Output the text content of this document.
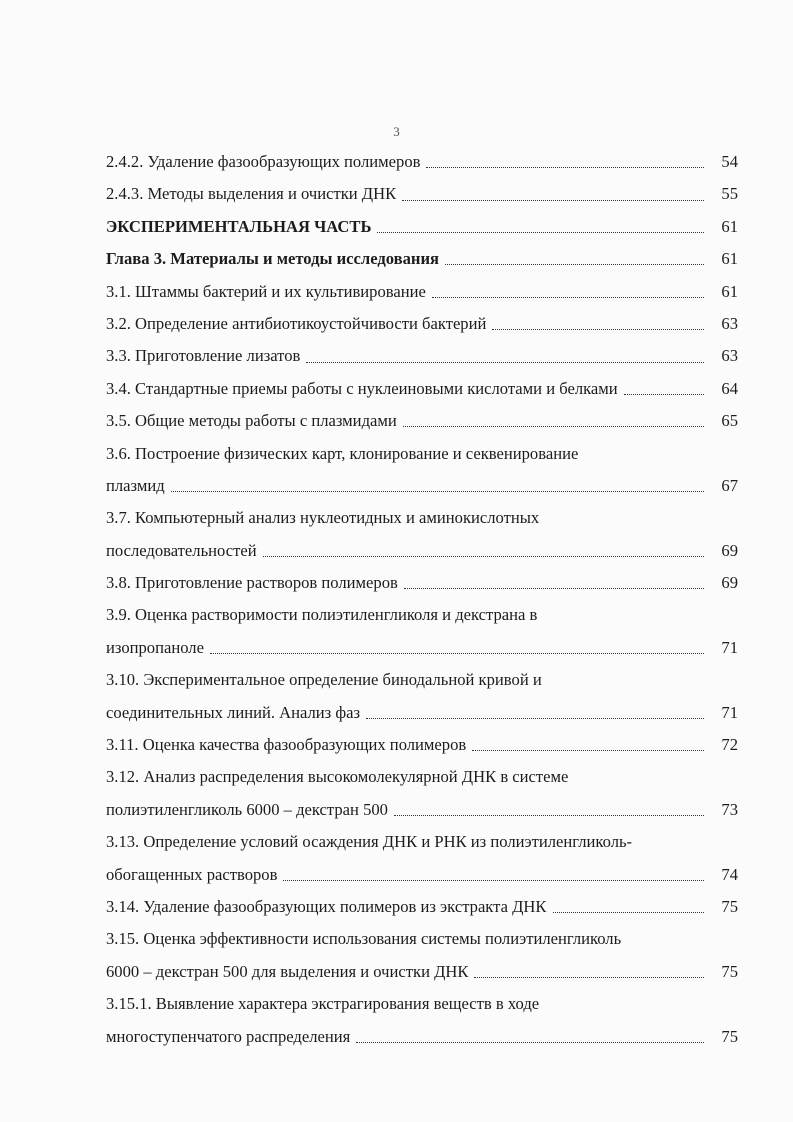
3
2.4.2. Удаление фазообразующих полимеров	54
2.4.3. Методы выделения и очистки ДНК	55
ЭКСПЕРИМЕНТАЛЬНАЯ ЧАСТЬ	61
Глава 3. Материалы и методы исследования	61
3.1. Штаммы бактерий и их культивирование	61
3.2. Определение антибиотикоустойчивости бактерий	63
3.3. Приготовление лизатов	63
3.4. Стандартные приемы работы с нуклеиновыми кислотами и белками	64
3.5. Общие методы работы с плазмидами	65
3.6. Построение физических карт, клонирование и секвенирование
плазмид	67
3.7. Компьютерный анализ нуклеотидных и аминокислотных
последовательностей	69
3.8. Приготовление растворов полимеров	69
3.9. Оценка растворимости полиэтиленгликоля и декстрана в
изопропаноле	71
3.10. Экспериментальное определение бинодальной кривой и
соединительных линий. Анализ фаз	71
3.11. Оценка качества фазообразующих полимеров	72
3.12. Анализ распределения высокомолекулярной ДНК в системе
полиэтиленгликоль 6000 – декстран 500	73
3.13. Определение условий осаждения ДНК и РНК из полиэтиленгликоль-
обогащенных растворов	74
3.14. Удаление фазообразующих полимеров из экстракта ДНК	75
3.15. Оценка эффективности использования системы полиэтиленгликоль
6000 – декстран 500 для выделения и очистки ДНК	75
3.15.1. Выявление характера экстрагирования веществ в ходе
многоступенчатого распределения	75
